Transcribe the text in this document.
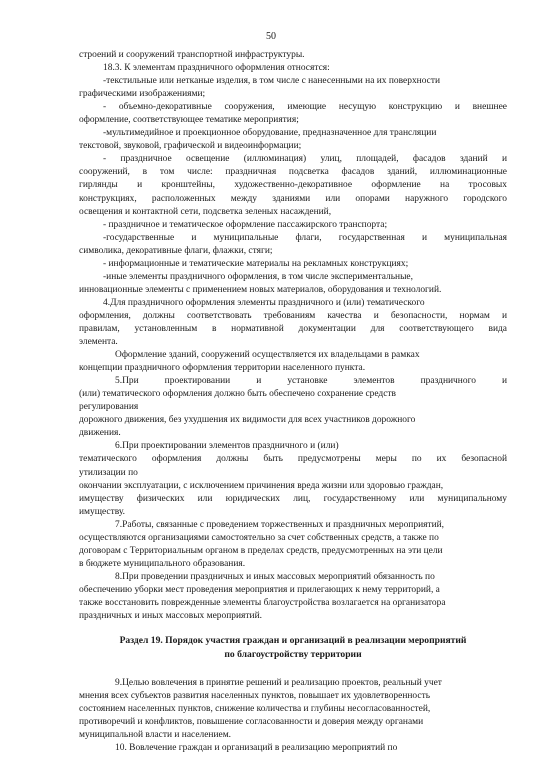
50
строений и сооружений транспортной инфраструктуры.
18.3. К элементам праздничного оформления относятся:
‑текстильные или нетканые изделия, в том числе с нанесенными на их поверхности
графическими изображениями;
‑ объемно-декоративные сооружения, имеющие несущую конструкцию и внешнее
оформление, соответствующее тематике мероприятия;
‑мультимедийное и проекционное оборудование, предназначенное для трансляции
текстовой, звуковой, графической и видеоинформации;
‑ праздничное освещение (иллюминация) улиц, площадей, фасадов зданий и
сооружений, в том числе: праздничная подсветка фасадов зданий, иллюминационные
гирлянды и кронштейны, художественно-декоративное оформление на тросовых
конструкциях, расположенных между зданиями или опорами наружного городского
освещения и контактной сети, подсветка зеленых насаждений,
‑ праздничное и тематическое оформление пассажирского транспорта;
‑государственные и муниципальные флаги, государственная и муниципальная
символика, декоративные флаги, флажки, стяги;
‑ информационные и тематические материалы на рекламных конструкциях;
‑иные элементы праздничного оформления, в том числе экспериментальные,
инновационные элементы с применением новых материалов, оборудования и технологий.
4.Для праздничного оформления элементы праздничного и (или) тематического
оформления, должны соответствовать требованиям качества и безопасности, нормам и
правилам, установленным в нормативной документации для соответствующего вида
элемента.
Оформление зданий, сооружений осуществляется их владельцами в рамках
концепции праздничного оформления территории населенного пункта.
5.При проектировании и установке элементов праздничного и
(или) тематического оформления должно быть обеспечено сохранение средств
регулирования
дорожного движения, без ухудшения их видимости для всех участников дорожного
движения.
6.При проектировании элементов праздничного и (или)
тематического оформления должны быть предусмотрены меры по их безопасной
утилизации по
окончании эксплуатации, с исключением причинения вреда жизни или здоровью граждан,
имуществу физических или юридических лиц, государственному или муниципальному
имуществу.
7.Работы, связанные с проведением торжественных и праздничных мероприятий,
осуществляются организациями самостоятельно за счет собственных средств, а также по
договорам с Территориальным органом в пределах средств, предусмотренных на эти цели
в бюджете муниципального образования.
8.При проведении праздничных и иных массовых мероприятий обязанность по
обеспечению уборки мест проведения мероприятия и прилегающих к нему территорий, а
также восстановить поврежденные элементы благоустройства возлагается на организатора
праздничных и иных массовых мероприятий.
Раздел 19. Порядок участия граждан и организаций в реализации мероприятий
по благоустройству территории
9.Целью вовлечения в принятие решений и реализацию проектов, реальный учет
мнения всех субъектов развития населенных пунктов, повышает их удовлетворенность
состоянием населенных пунктов, снижение количества и глубины несогласованностей,
противоречий и конфликтов, повышение согласованности и доверия между органами
муниципальной власти и населением.
10. Вовлечение граждан и организаций в реализацию мероприятий по
